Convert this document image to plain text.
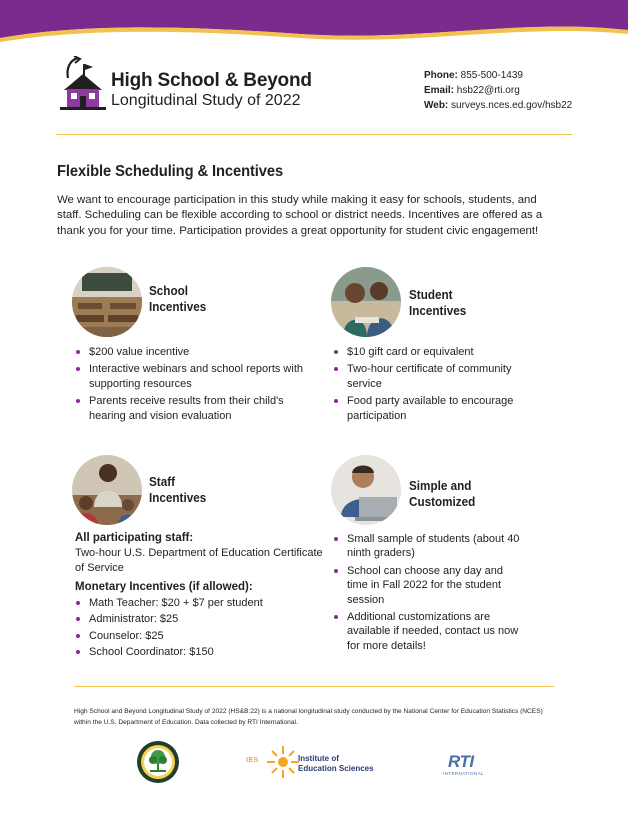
High School & Beyond
Longitudinal Study of 2022
Phone: 855-500-1439
Email: hsb22@rti.org
Web: surveys.nces.ed.gov/hsb22
Flexible Scheduling & Incentives
We want to encourage participation in this study while making it easy for schools, students, and staff. Scheduling can be flexible according to school or district needs. Incentives are offered as a thank you for your time. Participation provides a great opportunity for student civic engagement!
School
Incentives
$200 value incentive
Interactive webinars and school reports with supporting resources
Parents receive results from their child's hearing and vision evaluation
Student
Incentives
$10 gift card or equivalent
Two-hour certificate of community service
Food party available to encourage participation
Staff
Incentives
All participating staff:
Two-hour U.S. Department of Education Certificate of Service
Monetary Incentives (if allowed):
Math Teacher: $20 + $7 per student
Administrator: $25
Counselor: $25
School Coordinator: $150
Simple and
Customized
Small sample of students (about 40 ninth graders)
School can choose any day and time in Fall 2022 for the student session
Additional customizations are available if needed, contact us now for more details!
High School and Beyond Longitudinal Study of 2022 (HS&B:22) is a national longitudinal study conducted by the National Center for Education Statistics (NCES) within the U.S. Department of Education. Data collected by RTI International.
IES	Institute of
Education Sciences	RTI
INTERNATIONAL
